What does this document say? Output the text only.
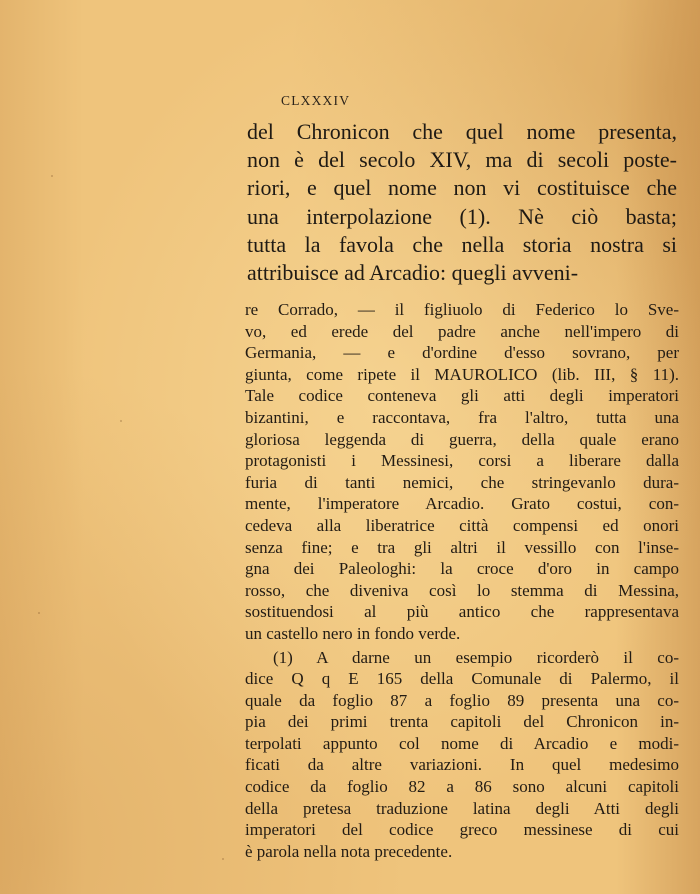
CLXXXIV
del Chronicon che quel nome presenta,
non è del secolo XIV, ma di secoli poste-
riori, e quel nome non vi costituisce che
una interpolazione (1). Nè ciò basta;
tutta la favola che nella storia nostra si
attribuisce ad Arcadio: quegli avveni-
re Corrado, — il figliuolo di Federico lo Sve-
vo, ed erede del padre anche nell'impero di
Germania, — e d'ordine d'esso sovrano, per
giunta, come ripete il MAUROLICO (lib. III, § 11).
Tale codice conteneva gli atti degli imperatori
bizantini, e raccontava, fra l'altro, tutta una
gloriosa leggenda di guerra, della quale erano
protagonisti i Messinesi, corsi a liberare dalla
furia di tanti nemici, che stringevanlo dura-
mente, l'imperatore Arcadio. Grato costui, con-
cedeva alla liberatrice città compensi ed onori
senza fine; e tra gli altri il vessillo con l'inse-
gna dei Paleologhi: la croce d'oro in campo
rosso, che diveniva così lo stemma di Messina,
sostituendosi al più antico che rappresentava
un castello nero in fondo verde.
(1) A darne un esempio ricorderò il co-
dice Q q E 165 della Comunale di Palermo, il
quale da foglio 87 a foglio 89 presenta una co-
pia dei primi trenta capitoli del Chronicon in-
terpolati appunto col nome di Arcadio e modi-
ficati da altre variazioni. In quel medesimo
codice da foglio 82 a 86 sono alcuni capitoli
della pretesa traduzione latina degli Atti degli
imperatori del codice greco messinese di cui
è parola nella nota precedente.
